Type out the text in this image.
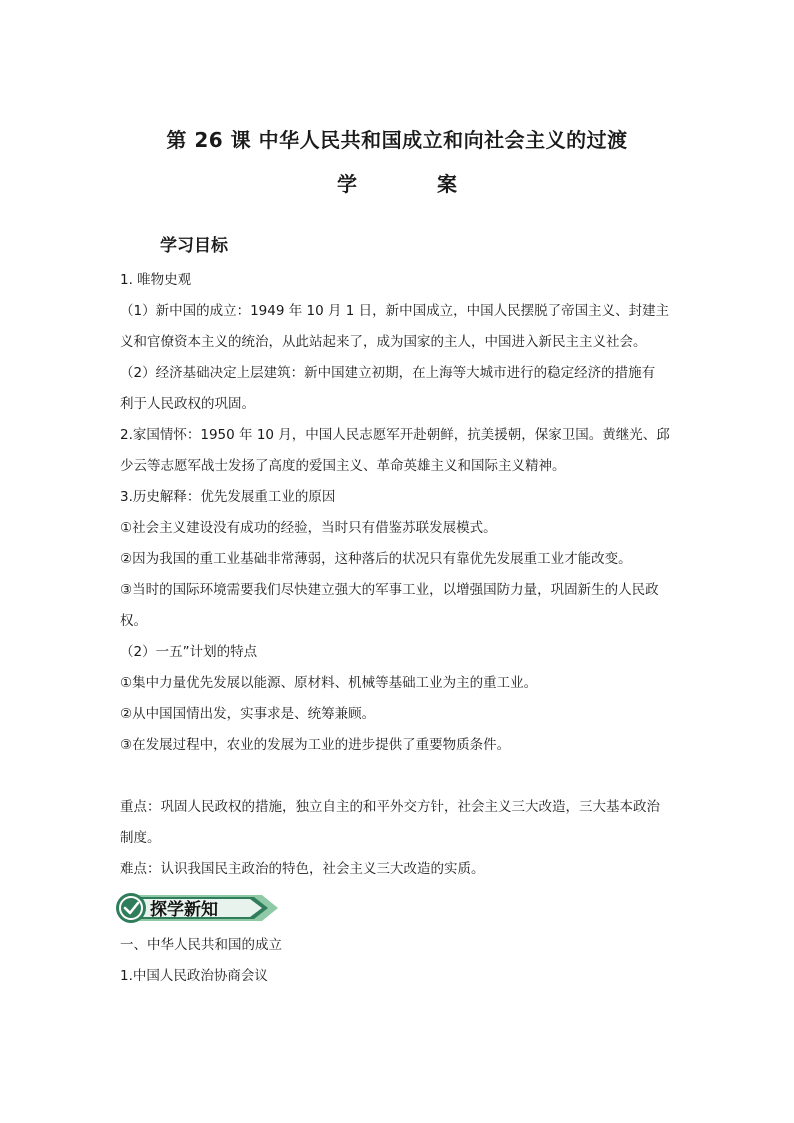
第 26 课 中华人民共和国成立和向社会主义的过渡
学	案
学习目标
1. 唯物史观
（1）新中国的成立：1949 年 10 月 1 日，新中国成立，中国人民摆脱了帝国主义、封建主
义和官僚资本主义的统治，从此站起来了，成为国家的主人，中国进入新民主主义社会。
（2）经济基础决定上层建筑：新中国建立初期，在上海等大城市进行的稳定经济的措施有
利于人民政权的巩固。
2.家国情怀：1950 年 10 月，中国人民志愿军开赴朝鲜，抗美援朝，保家卫国。黄继光、邱
少云等志愿军战士发扬了高度的爱国主义、革命英雄主义和国际主义精神。
3.历史解释：优先发展重工业的原因
①社会主义建设没有成功的经验，当时只有借鉴苏联发展模式。
②因为我国的重工业基础非常薄弱，这种落后的状况只有靠优先发展重工业才能改变。
③当时的国际环境需要我们尽快建立强大的军事工业，以增强国防力量，巩固新生的人民政
权。
（2）一五”计划的特点
①集中力量优先发展以能源、原材料、机械等基础工业为主的重工业。
②从中国国情出发，实事求是、统筹兼顾。
③在发展过程中，农业的发展为工业的进步提供了重要物质条件。
重点：巩固人民政权的措施，独立自主的和平外交方针，社会主义三大改造，三大基本政治
制度。
难点：认识我国民主政治的特色，社会主义三大改造的实质。
探学新知
一、中华人民共和国的成立
1.中国人民政治协商会议
